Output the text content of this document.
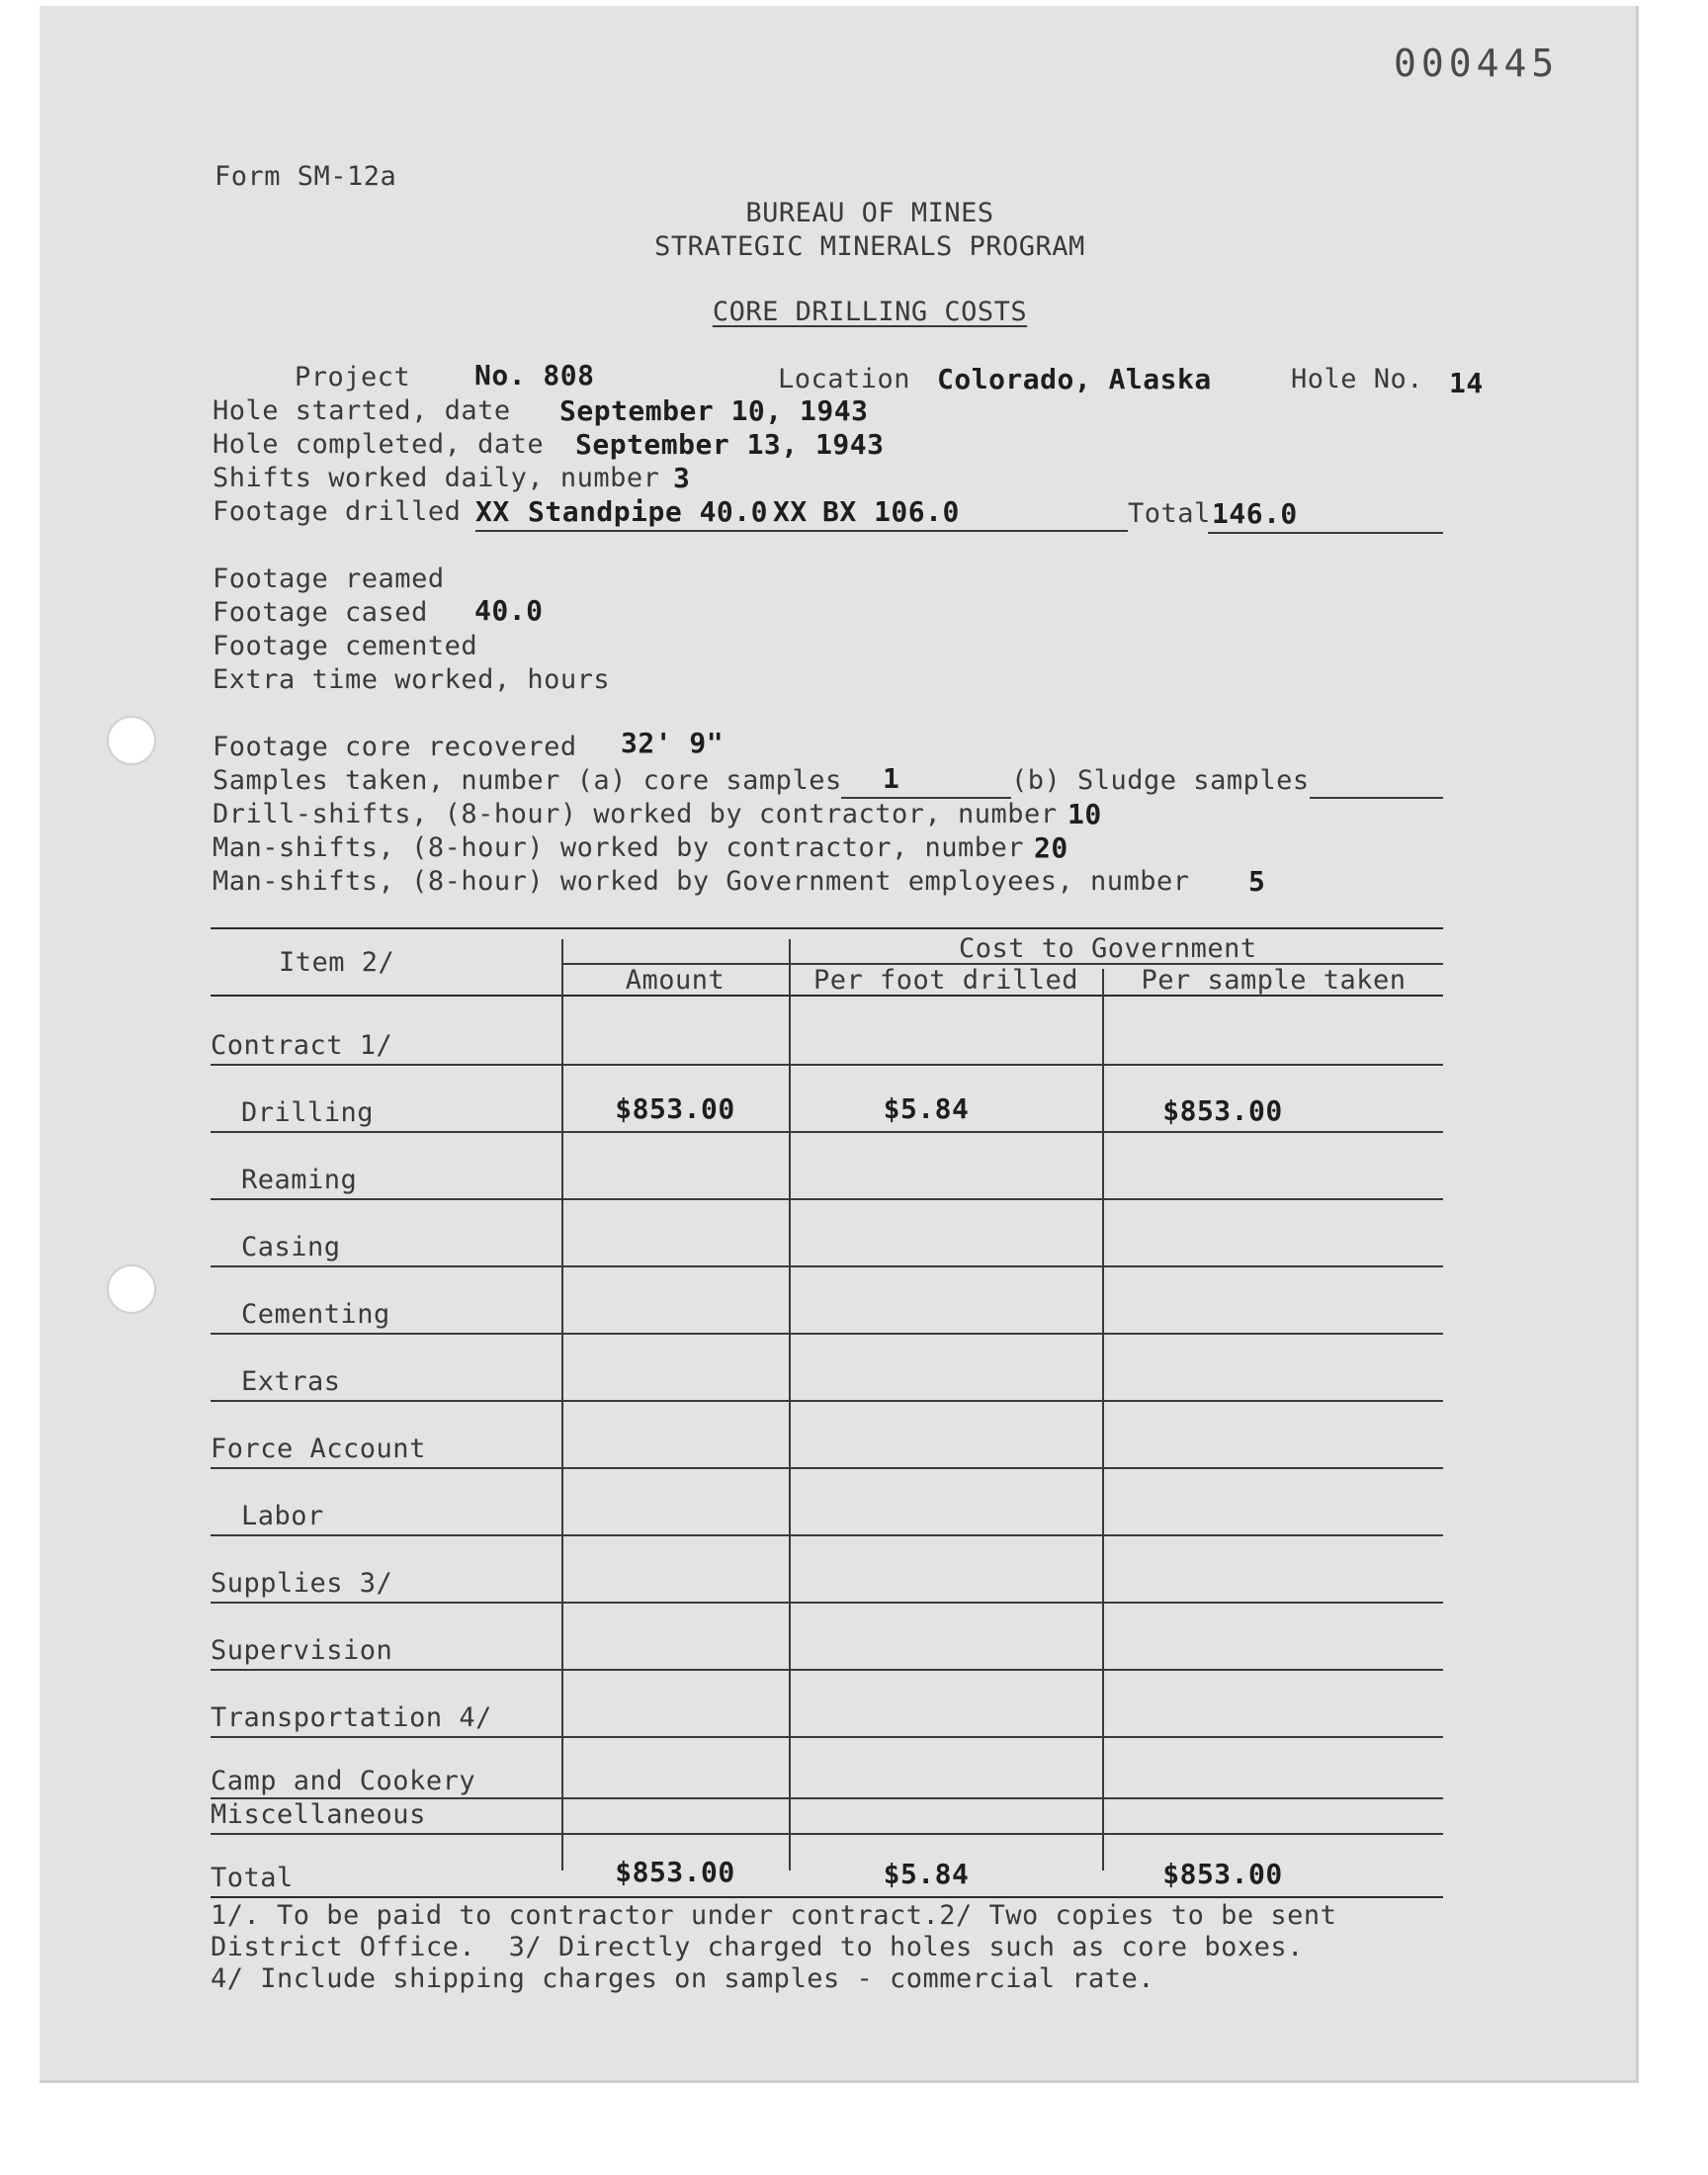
000445
Form SM-12a
BUREAU OF MINES
STRATEGIC MINERALS PROGRAM
CORE DRILLING COSTS
Project No. 808	Location Colorado, Alaska	Hole No. 14
Hole started, date September 10, 1943
Hole completed, date September 13, 1943
Shifts worked daily, number 3
Footage drilled XX Standpipe 40.0 XX BX 106.0	Total 146.0
Footage reamed
Footage cased 40.0
Footage cemented
Extra time worked, hours
Footage core recovered 32' 9"
Samples taken, number (a) core samples 1	(b) Sludge samples
Drill-shifts, (8-hour) worked by contractor, number 10
Man-shifts, (8-hour) worked by contractor, number 20
Man-shifts, (8-hour) worked by Government employees, number 5
Item 2/	Cost to Government
Amount	Per foot drilled	Per sample taken
Contract 1/
Drilling	$853.00	$5.84	$853.00
Reaming
Casing
Cementing
Extras
Force Account
Labor
Supplies 3/
Supervision
Transportation 4/
Camp and Cookery
Miscellaneous
Total	$853.00	$5.84	$853.00
1/. To be paid to contractor under contract.2/ Two copies to be sent
District Office.  3/ Directly charged to holes such as core boxes.
4/ Include shipping charges on samples - commercial rate.
